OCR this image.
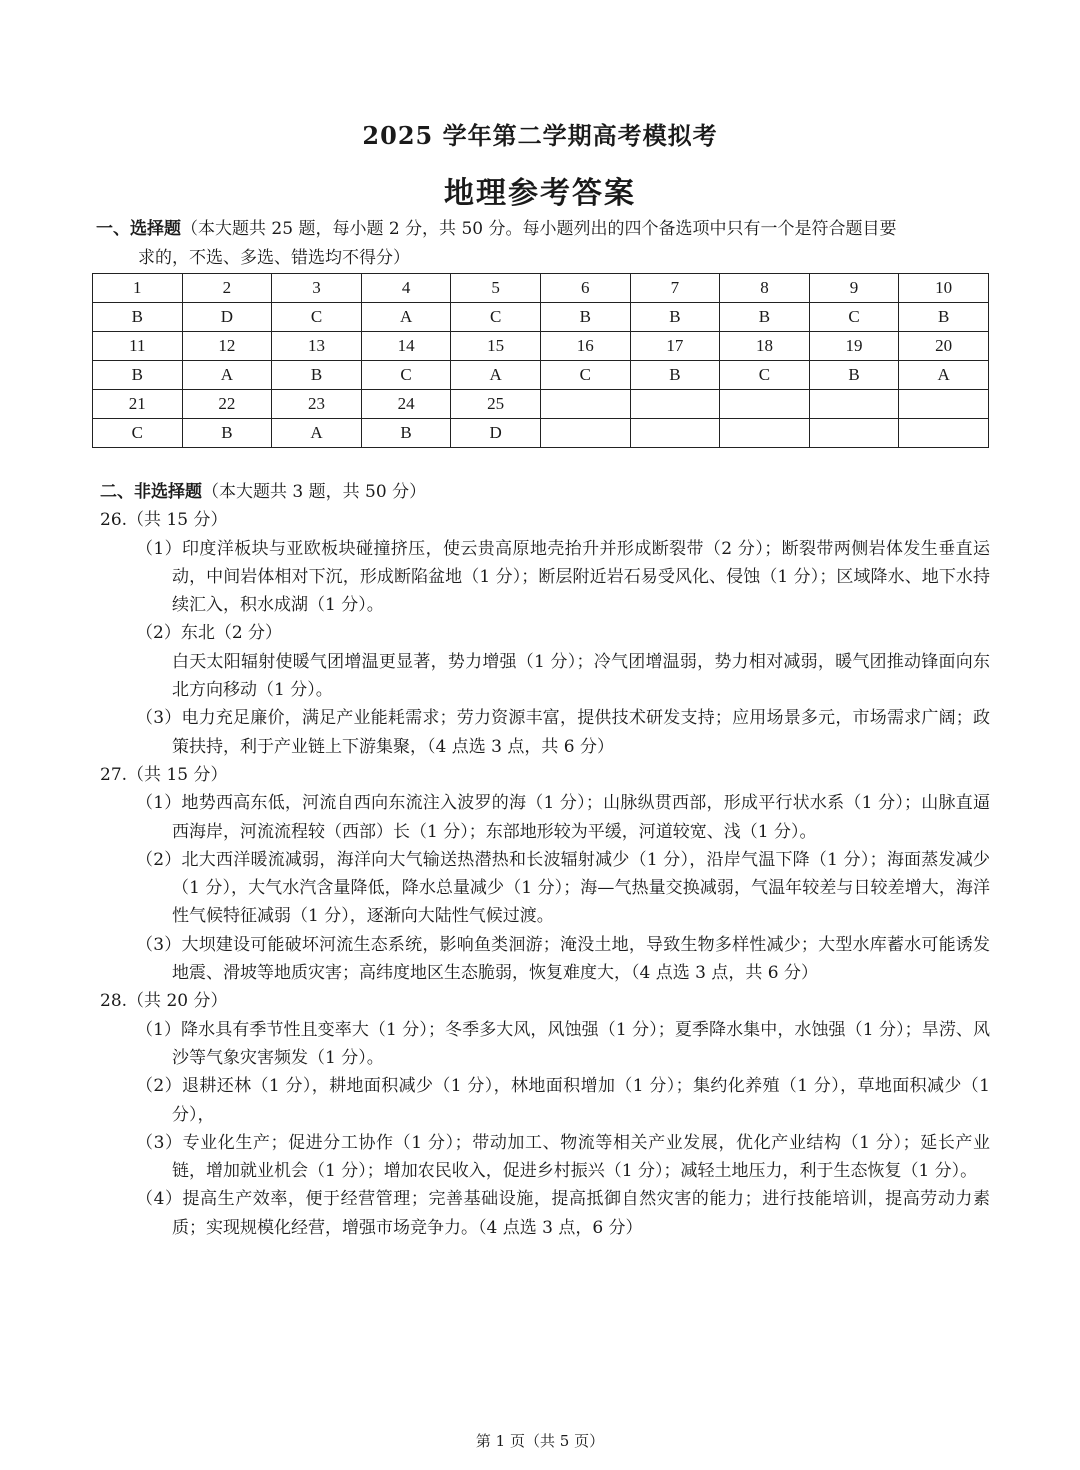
2025 学年第二学期高考模拟考
地理参考答案
一、选择题（本大题共 25 题，每小题 2 分，共 50 分。每小题列出的四个备选项中只有一个是符合题目要
求的，不选、多选、错选均不得分）
1	2	3	4	5	6	7	8	9	10
B	D	C	A	C	B	B	B	C	B
11	12	13	14	15	16	17	18	19	20
B	A	B	C	A	C	B	C	B	A
21	22	23	24	25					
C	B	A	B	D					
二、非选择题（本大题共 3 题，共 50 分）
26.（共 15 分）
（1）印度洋板块与亚欧板块碰撞挤压，使云贵高原地壳抬升并形成断裂带（2 分）；断裂带两侧岩体发生垂直运动，中间岩体相对下沉，形成断陷盆地（1 分）；断层附近岩石易受风化、侵蚀（1 分）；区域降水、地下水持续汇入，积水成湖（1 分）。
（2）东北（2 分）
白天太阳辐射使暖气团增温更显著，势力增强（1 分）；冷气团增温弱，势力相对减弱，暖气团推动锋面向东北方向移动（1 分）。
（3）电力充足廉价，满足产业能耗需求；劳力资源丰富，提供技术研发支持；应用场景多元，市场需求广阔；政策扶持，利于产业链上下游集聚，（4 点选 3 点，共 6 分）
27.（共 15 分）
（1）地势西高东低，河流自西向东流注入波罗的海（1 分）；山脉纵贯西部，形成平行状水系（1 分）；山脉直逼西海岸，河流流程较（西部）长（1 分）；东部地形较为平缓，河道较宽、浅（1 分）。
（2）北大西洋暖流减弱，海洋向大气输送热潜热和长波辐射减少（1 分），沿岸气温下降（1 分）；海面蒸发减少（1 分），大气水汽含量降低，降水总量减少（1 分）；海—气热量交换减弱，气温年较差与日较差增大，海洋性气候特征减弱（1 分），逐渐向大陆性气候过渡。
（3）大坝建设可能破坏河流生态系统，影响鱼类洄游；淹没土地，导致生物多样性减少；大型水库蓄水可能诱发地震、滑坡等地质灾害；高纬度地区生态脆弱，恢复难度大，（4 点选 3 点，共 6 分）
28.（共 20 分）
（1）降水具有季节性且变率大（1 分）；冬季多大风，风蚀强（1 分）；夏季降水集中，水蚀强（1 分）；旱涝、风沙等气象灾害频发（1 分）。
（2）退耕还林（1 分），耕地面积减少（1 分），林地面积增加（1 分）；集约化养殖（1 分），草地面积减少（1 分），
（3）专业化生产；促进分工协作（1 分）；带动加工、物流等相关产业发展，优化产业结构（1 分）；延长产业链，增加就业机会（1 分）；增加农民收入，促进乡村振兴（1 分）；减轻土地压力，利于生态恢复（1 分）。
（4）提高生产效率，便于经营管理；完善基础设施，提高抵御自然灾害的能力；进行技能培训，提高劳动力素质；实现规模化经营，增强市场竞争力。（4 点选 3 点，6 分）
第 1 页（共 5 页）
